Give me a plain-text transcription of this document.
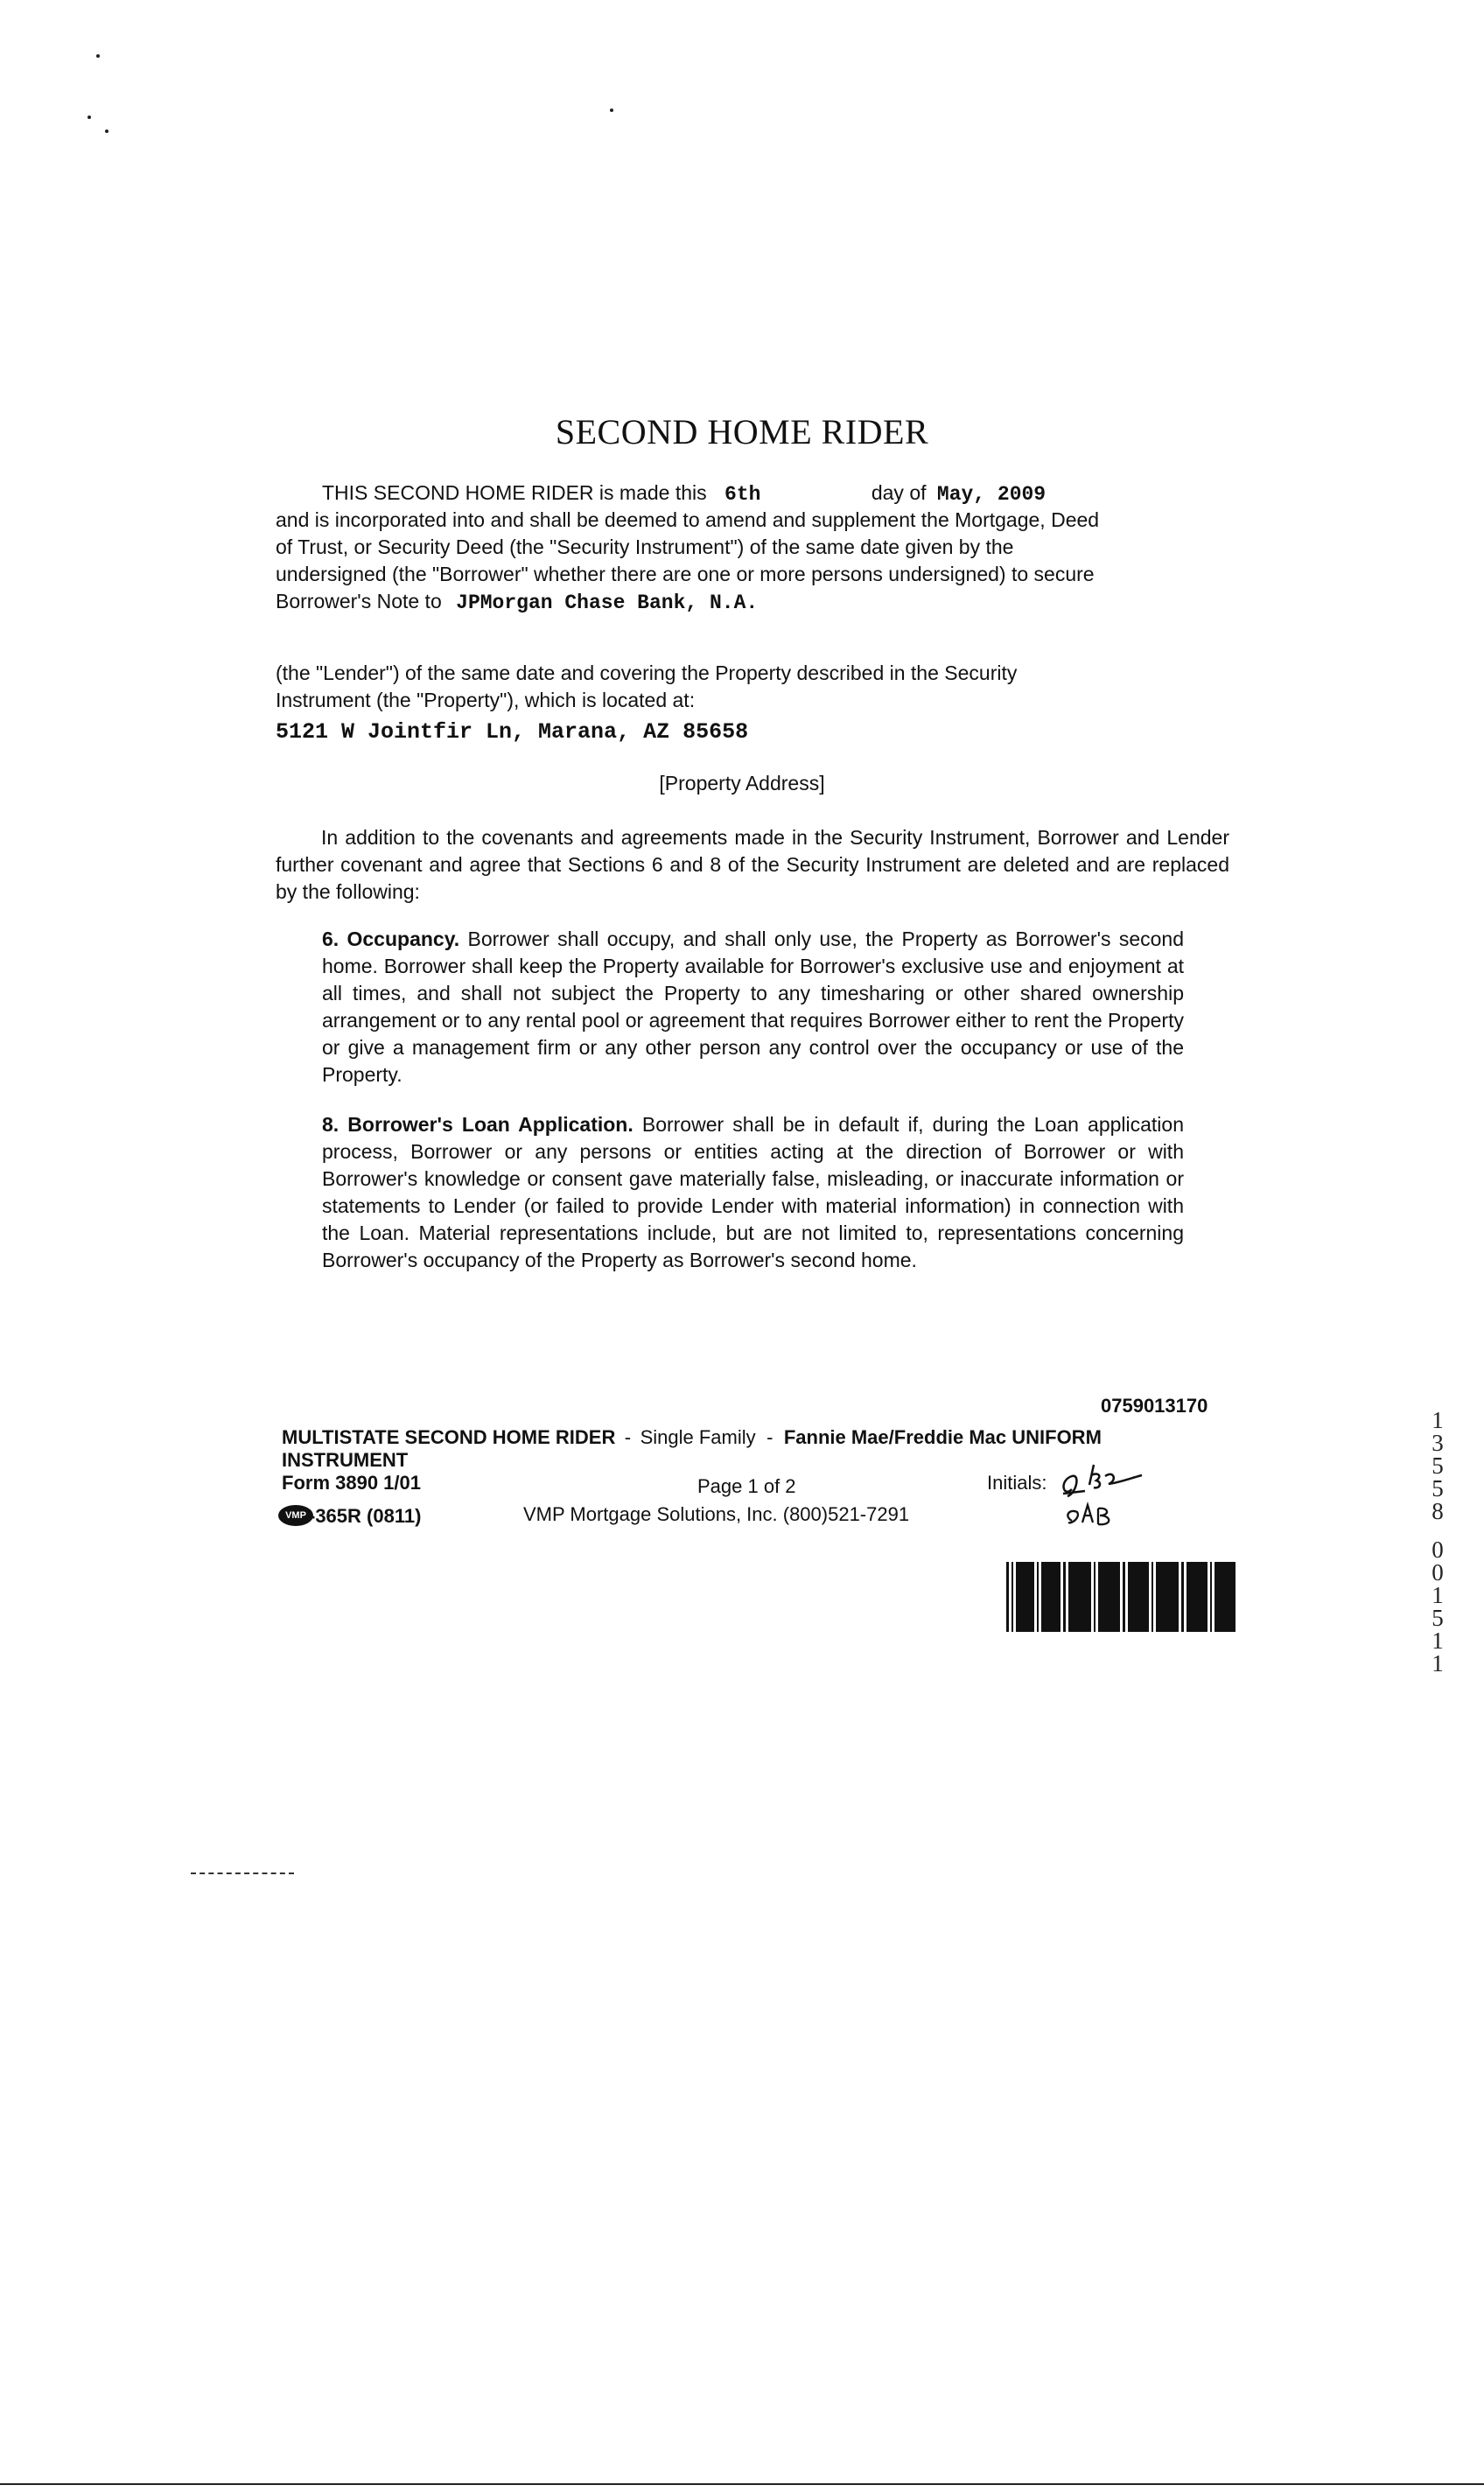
SECOND HOME RIDER
THIS SECOND HOME RIDER is made this 6th	day of May, 2009
and is incorporated into and shall be deemed to amend and supplement the Mortgage, Deed
of Trust, or Security Deed (the "Security Instrument") of the same date given by the
undersigned (the "Borrower" whether there are one or more persons undersigned) to secure
Borrower's Note to JPMorgan Chase Bank, N.A.
(the "Lender") of the same date and covering the Property described in the Security
Instrument (the "Property"), which is located at:
5121 W Jointfir Ln, Marana, AZ 85658
[Property Address]
In addition to the covenants and agreements made in the Security Instrument, Borrower and Lender further covenant and agree that Sections 6 and 8 of the Security Instrument are deleted and are replaced by the following:
6. Occupancy. Borrower shall occupy, and shall only use, the Property as Borrower's second home. Borrower shall keep the Property available for Borrower's exclusive use and enjoyment at all times, and shall not subject the Property to any timesharing or other shared ownership arrangement or to any rental pool or agreement that requires Borrower either to rent the Property or give a management firm or any other person any control over the occupancy or use of the Property.
8. Borrower's Loan Application. Borrower shall be in default if, during the Loan application process, Borrower or any persons or entities acting at the direction of Borrower or with Borrower's knowledge or consent gave materially false, misleading, or inaccurate information or statements to Lender (or failed to provide Lender with material information) in connection with the Loan. Material representations include, but are not limited to, representations concerning Borrower's occupancy of the Property as Borrower's second home.
0759013170
MULTISTATE SECOND HOME RIDER - Single Family - Fannie Mae/Freddie Mac UNIFORM
INSTRUMENT
Form 3890 1/01	Page 1 of 2	Initials:
VMP -365R (0811)	VMP Mortgage Solutions, Inc. (800)521-7291
1
3
5
5
8
0
0
1
5
1
1
